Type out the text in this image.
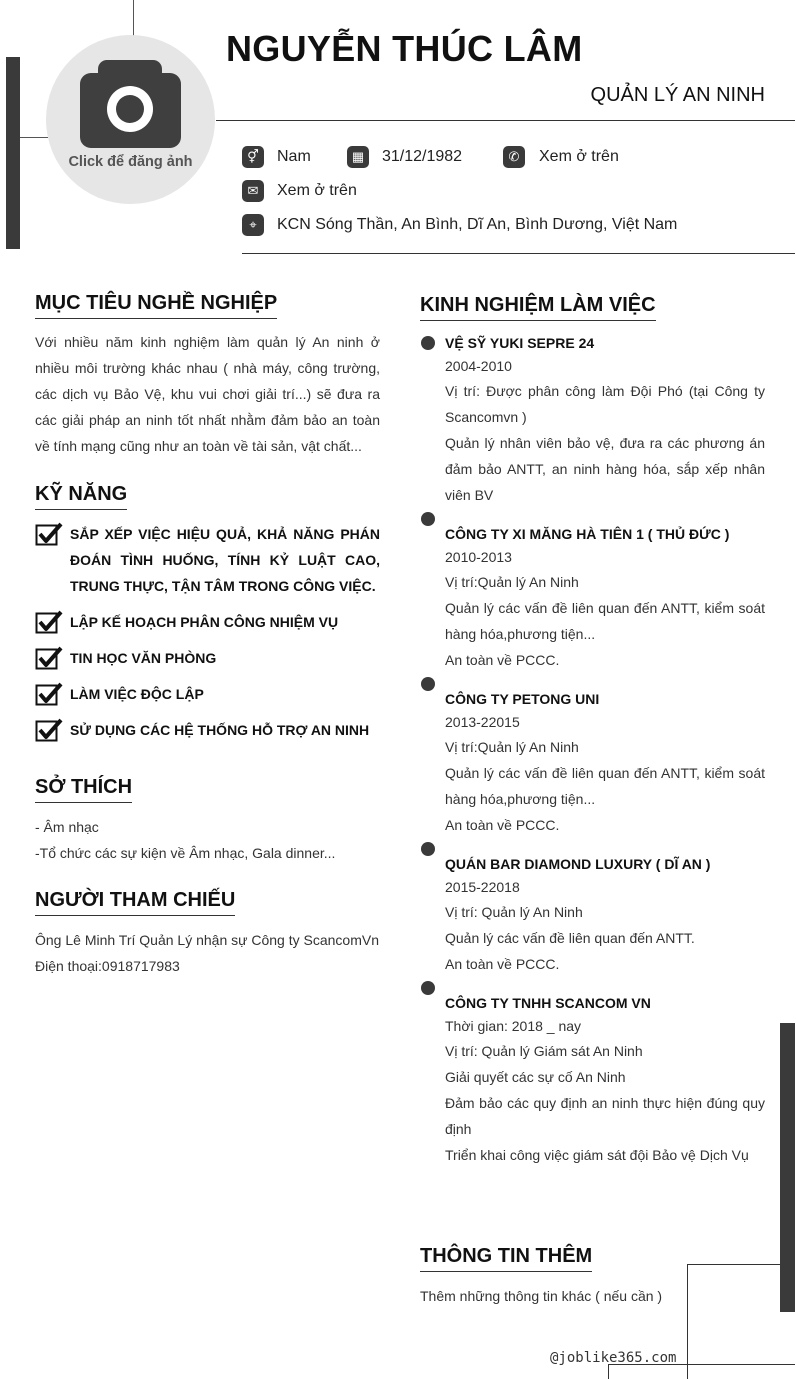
Click để đăng ảnh
NGUYỄN THÚC LÂM
QUẢN LÝ AN NINH
⚥	Nam	▦	31/12/1982	✆	Xem ở trên
✉	Xem ở trên
⌖	KCN Sóng Thần, An Bình, Dĩ An, Bình Dương, Việt Nam
MỤC TIÊU NGHỀ NGHIỆP
Với nhiều năm kinh nghiệm làm quản lý An ninh ở nhiều môi trường khác nhau ( nhà máy, công trường, các dịch vụ Bảo Vệ, khu vui chơi giải trí...) sẽ đưa ra các giải pháp an ninh tốt nhất nhằm đảm bảo an toàn về tính mạng cũng như an toàn về tài sản, vật chất...
KỸ NĂNG
SẮP XẾP VIỆC HIỆU QUẢ, KHẢ NĂNG PHÁN ĐOÁN TÌNH HUỐNG, TÍNH KỶ LUẬT CAO, TRUNG THỰC, TẬN TÂM TRONG CÔNG VIỆC.
LẬP KẾ HOẠCH PHÂN CÔNG NHIỆM VỤ
TIN HỌC VĂN PHÒNG
LÀM VIỆC ĐỘC LẬP
SỬ DỤNG CÁC HỆ THỐNG HỖ TRỢ AN NINH
SỞ THÍCH
- Âm nhạc
-Tổ chức các sự kiện về Âm nhạc, Gala dinner...
NGƯỜI THAM CHIẾU
Ông Lê Minh Trí Quản Lý nhận sự Công ty ScancomVn
Điện thoại:0918717983
KINH NGHIỆM LÀM VIỆC
VỆ SỸ YUKI SEPRE 24
2004-2010
Vị trí: Được phân công làm Đội Phó (tại Công ty Scancomvn )
Quản lý nhân viên bảo vệ, đưa ra các phương án đảm bảo ANTT, an ninh hàng hóa, sắp xếp nhân viên BV
CÔNG TY XI MĂNG HÀ TIÊN 1 ( THỦ ĐỨC )
2010-2013
Vị trí:Quản lý An Ninh
Quản lý các vấn đề liên quan đến ANTT, kiểm soát hàng hóa,phương tiện...
An toàn về PCCC.
CÔNG TY PETONG UNI
2013-22015
Vị trí:Quản lý An Ninh
Quản lý các vấn đề liên quan đến ANTT, kiểm soát hàng hóa,phương tiện...
An toàn về PCCC.
QUÁN BAR DIAMOND LUXURY ( DĨ AN )
2015-22018
Vị trí: Quản lý An Ninh
Quản lý các vấn đề liên quan đến ANTT.
An toàn về PCCC.
CÔNG TY TNHH SCANCOM VN
Thời gian: 2018 _ nay
Vị trí: Quản lý Giám sát An Ninh
Giải quyết các sự cố An Ninh
Đảm bảo các quy định an ninh thực hiện đúng quy định
Triển khai công việc giám sát đội Bảo vệ Dịch Vụ
THÔNG TIN THÊM
Thêm những thông tin khác ( nếu cần )
@joblike365.com
